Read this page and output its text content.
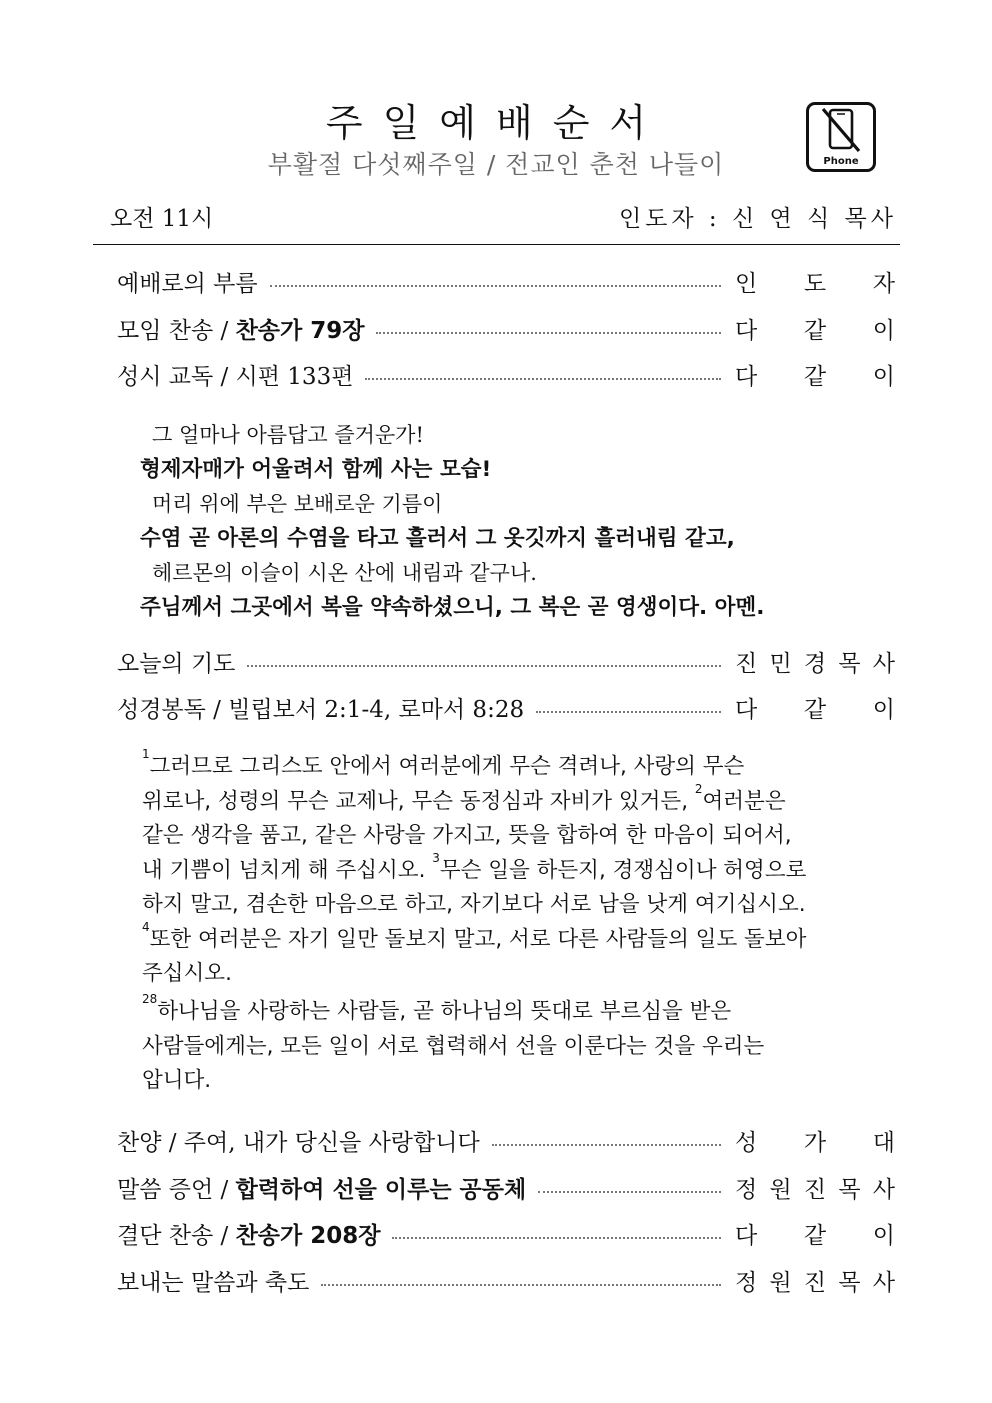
주일예배순서
부활절 다섯째주일 / 전교인 춘천 나들이	Phone
오전 11시	인도자 : 신 연 식 목사
예배로의 부름	인 도 자
모임 찬송 / 찬송가 79장	다 같 이
성시 교독 / 시편 133편	다 같 이
그 얼마나 아름답고 즐거운가!
형제자매가 어울려서 함께 사는 모습!
머리 위에 부은 보배로운 기름이
수염 곧 아론의 수염을 타고 흘러서 그 옷깃까지 흘러내림 같고,
헤르몬의 이슬이 시온 산에 내림과 같구나.
주님께서 그곳에서 복을 약속하셨으니, 그 복은 곧 영생이다. 아멘.
오늘의 기도	진 민 경 목 사
성경봉독 / 빌립보서 2:1-4, 로마서 8:28	다 같 이
$^1$그러므로 그리스도 안에서 여러분에게 무슨 격려나, 사랑의 무슨
위로나, 성령의 무슨 교제나, 무슨 동정심과 자비가 있거든, $^2$여러분은
같은 생각을 품고, 같은 사랑을 가지고, 뜻을 합하여 한 마음이 되어서,
내 기쁨이 넘치게 해 주십시오. $^3$무슨 일을 하든지, 경쟁심이나 허영으로
하지 말고, 겸손한 마음으로 하고, 자기보다 서로 남을 낫게 여기십시오.
$^4$또한 여러분은 자기 일만 돌보지 말고, 서로 다른 사람들의 일도 돌보아
주십시오.
$^{28}$하나님을 사랑하는 사람들, 곧 하나님의 뜻대로 부르심을 받은
사람들에게는, 모든 일이 서로 협력해서 선을 이룬다는 것을 우리는
압니다.
찬양 / 주여, 내가 당신을 사랑합니다	성 가 대
말씀 증언 / 합력하여 선을 이루는 공동체	정 원 진 목 사
결단 찬송 / 찬송가 208장	다 같 이
보내는 말씀과 축도	정 원 진 목 사
